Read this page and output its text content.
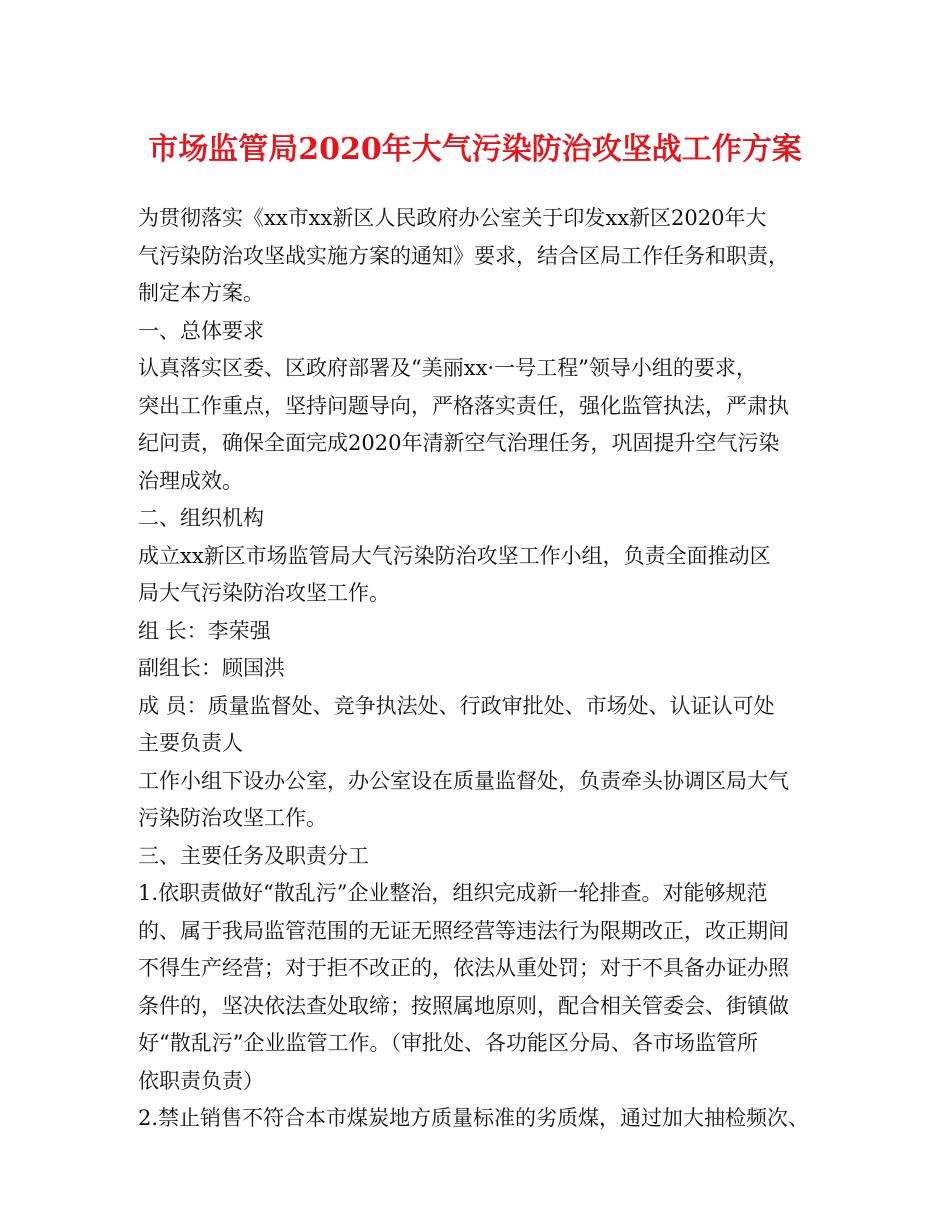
市场监管局2020年大气污染防治攻坚战工作方案
为贯彻落实《xx市xx新区人民政府办公室关于印发xx新区2020年大
气污染防治攻坚战实施方案的通知》要求，结合区局工作任务和职责，
制定本方案。
一、总体要求
认真落实区委、区政府部署及“美丽xx·一号工程”领导小组的要求，
突出工作重点，坚持问题导向，严格落实责任，强化监管执法，严肃执
纪问责，确保全面完成2020年清新空气治理任务，巩固提升空气污染
治理成效。
二、组织机构
成立xx新区市场监管局大气污染防治攻坚工作小组，负责全面推动区
局大气污染防治攻坚工作。
组 长：李荣强
副组长：顾国洪
成 员：质量监督处、竞争执法处、行政审批处、市场处、认证认可处
主要负责人
工作小组下设办公室，办公室设在质量监督处，负责牵头协调区局大气
污染防治攻坚工作。
三、主要任务及职责分工
1.依职责做好“散乱污”企业整治，组织完成新一轮排查。对能够规范
的、属于我局监管范围的无证无照经营等违法行为限期改正，改正期间
不得生产经营；对于拒不改正的，依法从重处罚；对于不具备办证办照
条件的，坚决依法查处取缔；按照属地原则，配合相关管委会、街镇做
好“散乱污”企业监管工作。（审批处、各功能区分局、各市场监管所
依职责负责）
2.禁止销售不符合本市煤炭地方质量标准的劣质煤，通过加大抽检频次、
